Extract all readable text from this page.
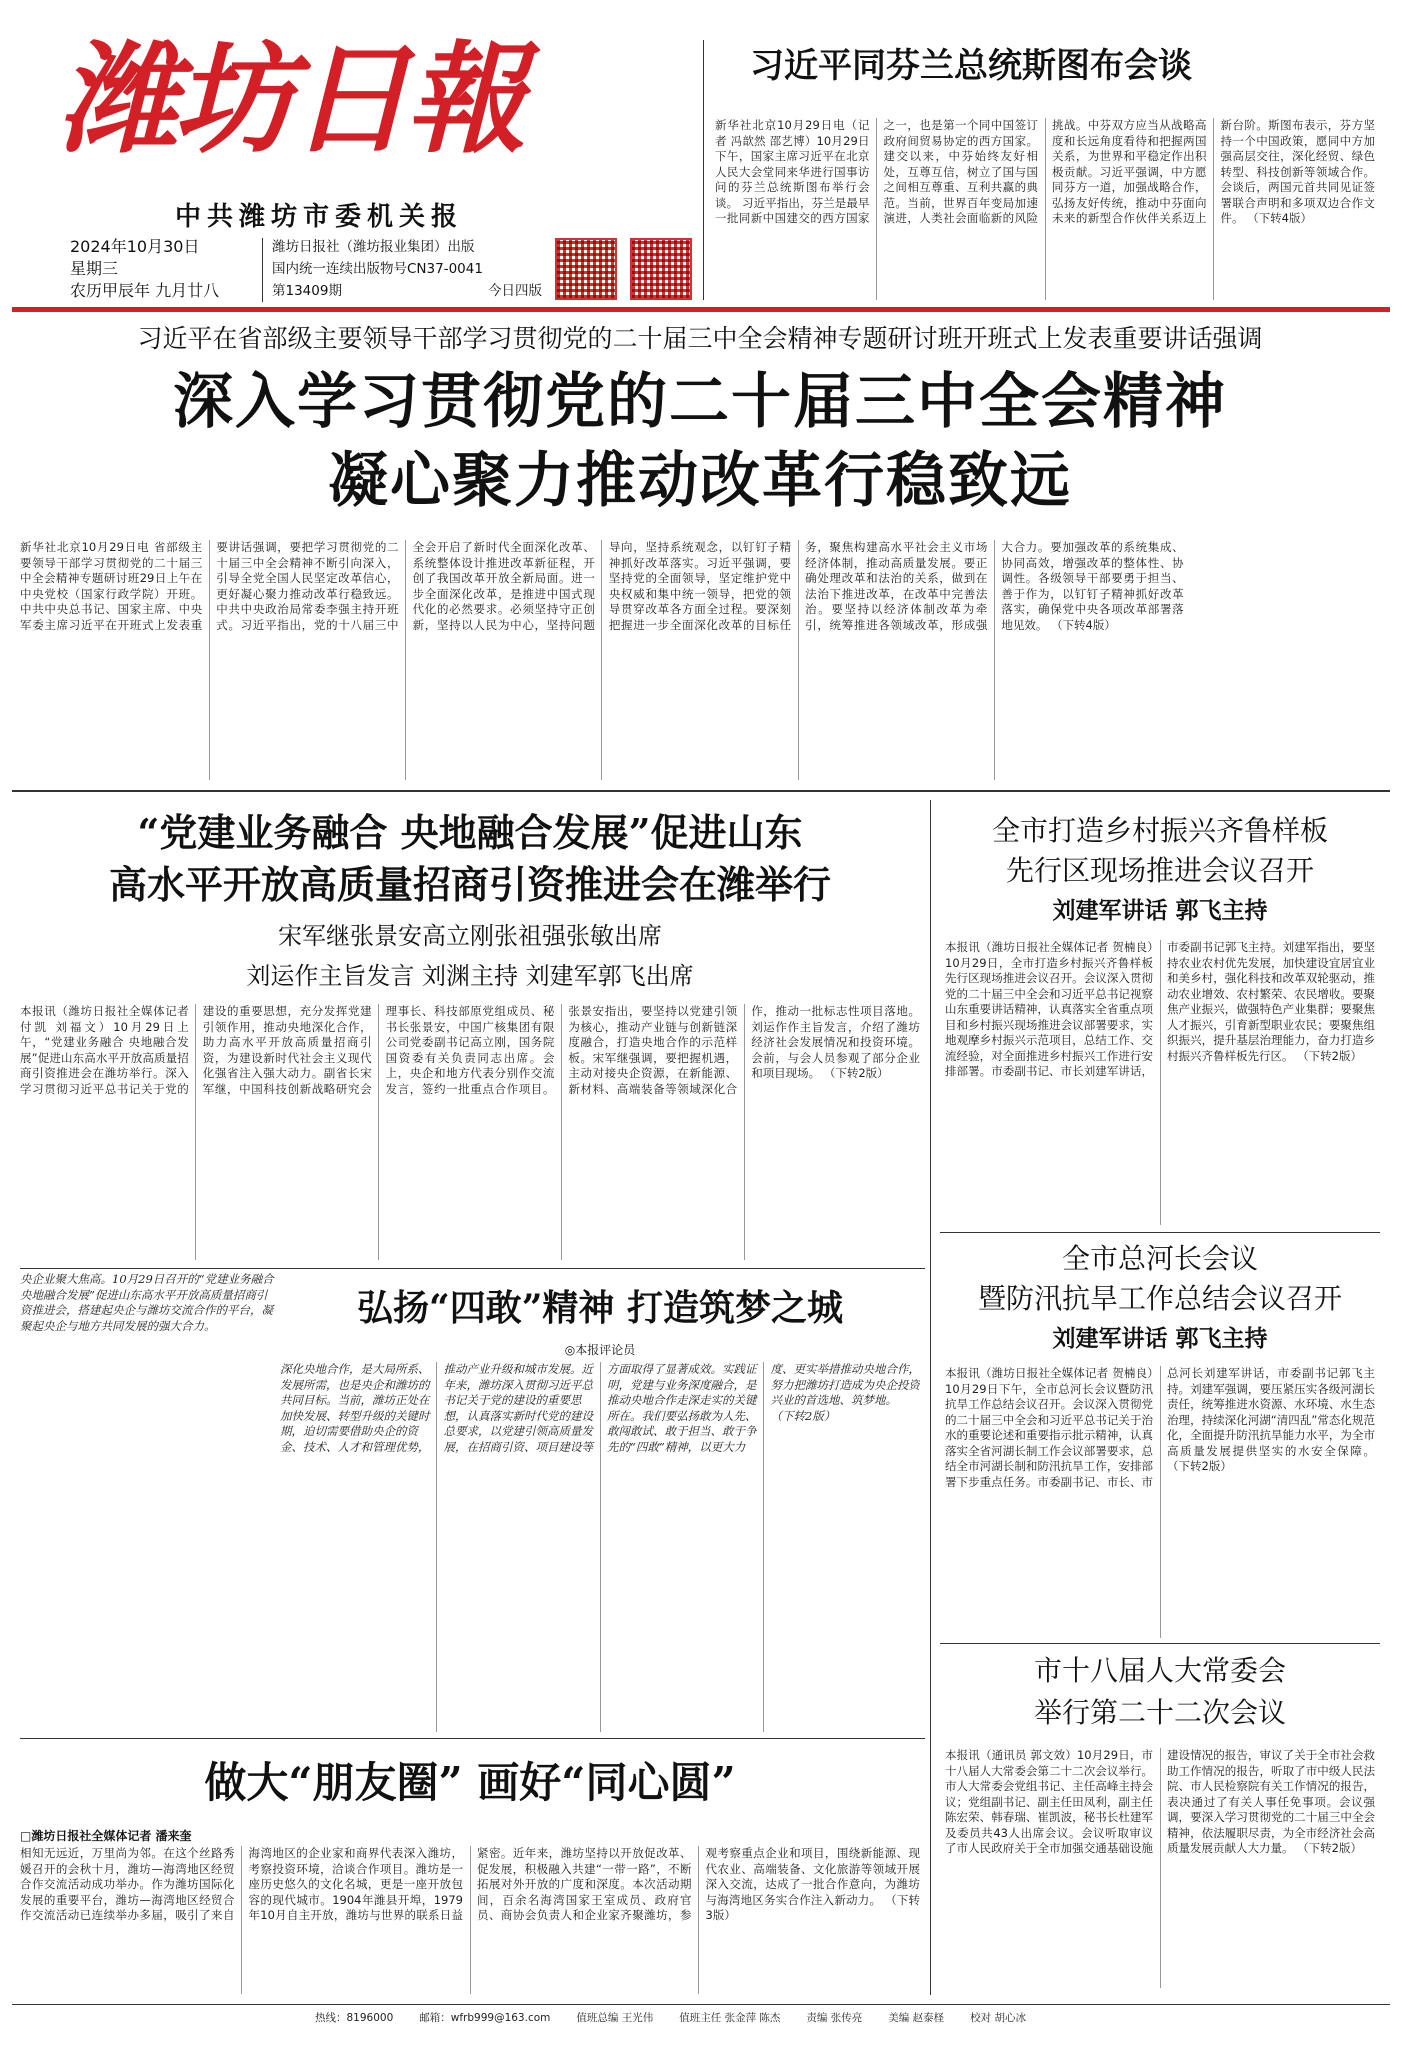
潍坊日報
中共潍坊市委机关报
2024年10月30日
星期三
农历甲辰年 九月廿八
潍坊日报社（潍坊报业集团）出版
国内统一连续出版物号CN37-0041
第13409期	今日四版
习近平同芬兰总统斯图布会谈
新华社北京10月29日电（记者 冯歆然 邵艺博）10月29日下午，国家主席习近平在北京人民大会堂同来华进行国事访问的芬兰总统斯图布举行会谈。 习近平指出，芬兰是最早一批同新中国建交的西方国家之一，也是第一个同中国签订政府间贸易协定的西方国家。建交以来，中芬始终友好相处，互尊互信，树立了国与国之间相互尊重、互利共赢的典范。当前，世界百年变局加速演进，人类社会面临新的风险挑战。中芬双方应当从战略高度和长远角度看待和把握两国关系，为世界和平稳定作出积极贡献。习近平强调，中方愿同芬方一道，加强战略合作，弘扬友好传统，推动中芬面向未来的新型合作伙伴关系迈上新台阶。斯图布表示，芬方坚持一个中国政策，愿同中方加强高层交往，深化经贸、绿色转型、科技创新等领域合作。会谈后，两国元首共同见证签署联合声明和多项双边合作文件。 （下转4版）
习近平在省部级主要领导干部学习贯彻党的二十届三中全会精神专题研讨班开班式上发表重要讲话强调
深入学习贯彻党的二十届三中全会精神
凝心聚力推动改革行稳致远
新华社北京10月29日电 省部级主要领导干部学习贯彻党的二十届三中全会精神专题研讨班29日上午在中央党校（国家行政学院）开班。中共中央总书记、国家主席、中央军委主席习近平在开班式上发表重要讲话强调，要把学习贯彻党的二十届三中全会精神不断引向深入，引导全党全国人民坚定改革信心，更好凝心聚力推动改革行稳致远。中共中央政治局常委李强主持开班式。习近平指出，党的十八届三中全会开启了新时代全面深化改革、系统整体设计推进改革新征程，开创了我国改革开放全新局面。进一步全面深化改革，是推进中国式现代化的必然要求。必须坚持守正创新，坚持以人民为中心，坚持问题导向，坚持系统观念，以钉钉子精神抓好改革落实。习近平强调，要坚持党的全面领导，坚定维护党中央权威和集中统一领导，把党的领导贯穿改革各方面全过程。要深刻把握进一步全面深化改革的目标任务，聚焦构建高水平社会主义市场经济体制，推动高质量发展。要正确处理改革和法治的关系，做到在法治下推进改革，在改革中完善法治。要坚持以经济体制改革为牵引，统筹推进各领域改革，形成强大合力。要加强改革的系统集成、协同高效，增强改革的整体性、协调性。各级领导干部要勇于担当、善于作为，以钉钉子精神抓好改革落实，确保党中央各项改革部署落地见效。 （下转4版）
“党建业务融合 央地融合发展”促进山东
高水平开放高质量招商引资推进会在潍举行
宋军继张景安高立刚张祖强张敏出席
刘运作主旨发言 刘渊主持 刘建军郭飞出席
本报讯（潍坊日报社全媒体记者 付凯 刘福文）10月29日上午，“党建业务融合 央地融合发展”促进山东高水平开放高质量招商引资推进会在潍坊举行。深入学习贯彻习近平总书记关于党的建设的重要思想，充分发挥党建引领作用，推动央地深化合作，助力高水平开放高质量招商引资，为建设新时代社会主义现代化强省注入强大动力。副省长宋军继，中国科技创新战略研究会理事长、科技部原党组成员、秘书长张景安，中国广核集团有限公司党委副书记高立刚，国务院国资委有关负责同志出席。会上，央企和地方代表分别作交流发言，签约一批重点合作项目。张景安指出，要坚持以党建引领为核心，推动产业链与创新链深度融合，打造央地合作的示范样板。宋军继强调，要把握机遇，主动对接央企资源，在新能源、新材料、高端装备等领域深化合作，推动一批标志性项目落地。刘运作作主旨发言，介绍了潍坊经济社会发展情况和投资环境。会前，与会人员参观了部分企业和项目现场。 （下转2版）
全市打造乡村振兴齐鲁样板
先行区现场推进会议召开
刘建军讲话 郭飞主持
本报讯（潍坊日报社全媒体记者 贺楠良）10月29日，全市打造乡村振兴齐鲁样板先行区现场推进会议召开。会议深入贯彻党的二十届三中全会和习近平总书记视察山东重要讲话精神，认真落实全省重点项目和乡村振兴现场推进会议部署要求，实地观摩乡村振兴示范项目，总结工作、交流经验，对全面推进乡村振兴工作进行安排部署。市委副书记、市长刘建军讲话，市委副书记郭飞主持。刘建军指出，要坚持农业农村优先发展，加快建设宜居宜业和美乡村，强化科技和改革双轮驱动，推动农业增效、农村繁荣、农民增收。要聚焦产业振兴，做强特色产业集群；要聚焦人才振兴，引育新型职业农民；要聚焦组织振兴，提升基层治理能力，奋力打造乡村振兴齐鲁样板先行区。 （下转2版）
央企业聚大焦高。10月29日召开的“党建业务融合 央地融合发展”促进山东高水平开放高质量招商引资推进会，搭建起央企与潍坊交流合作的平台，凝聚起央企与地方共同发展的强大合力。	弘扬“四敢”精神 打造筑梦之城
◎本报评论员
深化央地合作，是大局所系、发展所需，也是央企和潍坊的共同目标。当前，潍坊正处在加快发展、转型升级的关键时期，迫切需要借助央企的资金、技术、人才和管理优势，推动产业升级和城市发展。近年来，潍坊深入贯彻习近平总书记关于党的建设的重要思想，认真落实新时代党的建设总要求，以党建引领高质量发展，在招商引资、项目建设等方面取得了显著成效。实践证明，党建与业务深度融合，是推动央地合作走深走实的关键所在。我们要弘扬敢为人先、敢闯敢试、敢于担当、敢于争先的“四敢”精神，以更大力度、更实举措推动央地合作，努力把潍坊打造成为央企投资兴业的首选地、筑梦地。 （下转2版）
全市总河长会议
暨防汛抗旱工作总结会议召开
刘建军讲话 郭飞主持
本报讯（潍坊日报社全媒体记者 贺楠良）10月29日下午，全市总河长会议暨防汛抗旱工作总结会议召开。会议深入贯彻党的二十届三中全会和习近平总书记关于治水的重要论述和重要指示批示精神，认真落实全省河湖长制工作会议部署要求，总结全市河湖长制和防汛抗旱工作，安排部署下步重点任务。市委副书记、市长、市总河长刘建军讲话，市委副书记郭飞主持。刘建军强调，要压紧压实各级河湖长责任，统筹推进水资源、水环境、水生态治理，持续深化河湖“清四乱”常态化规范化，全面提升防汛抗旱能力水平，为全市高质量发展提供坚实的水安全保障。 （下转2版）
市十八届人大常委会
举行第二十二次会议
本报讯（通讯员 郭文效）10月29日，市十八届人大常委会第二十二次会议举行。市人大常委会党组书记、主任高峰主持会议；党组副书记、副主任田凤利，副主任陈宏荣、韩春瑞、崔凯波，秘书长杜建军及委员共43人出席会议。会议听取审议了市人民政府关于全市加强交通基础设施建设情况的报告，审议了关于全市社会救助工作情况的报告，听取了市中级人民法院、市人民检察院有关工作情况的报告，表决通过了有关人事任免事项。会议强调，要深入学习贯彻党的二十届三中全会精神，依法履职尽责，为全市经济社会高质量发展贡献人大力量。 （下转2版）
做大“朋友圈” 画好“同心圆”
□潍坊日报社全媒体记者 潘来奎
相知无远近，万里尚为邻。在这个丝路秀媛召开的会秋十月，潍坊—海湾地区经贸合作交流活动成功举办。作为潍坊国际化发展的重要平台，潍坊—海湾地区经贸合作交流活动已连续举办多届，吸引了来自海湾地区的企业家和商界代表深入潍坊，考察投资环境，洽谈合作项目。潍坊是一座历史悠久的文化名城，更是一座开放包容的现代城市。1904年潍县开埠，1979年10月自主开放，潍坊与世界的联系日益紧密。近年来，潍坊坚持以开放促改革、促发展，积极融入共建“一带一路”，不断拓展对外开放的广度和深度。本次活动期间，百余名海湾国家王室成员、政府官员、商协会负责人和企业家齐聚潍坊，参观考察重点企业和项目，围绕新能源、现代农业、高端装备、文化旅游等领域开展深入交流，达成了一批合作意向，为潍坊与海湾地区务实合作注入新动力。 （下转3版）
热线：8196000 邮箱：wfrb999@163.com 值班总编 王光伟 值班主任 张金萍 陈杰 责编 张传亮 美编 赵泰柽 校对 胡心冰
